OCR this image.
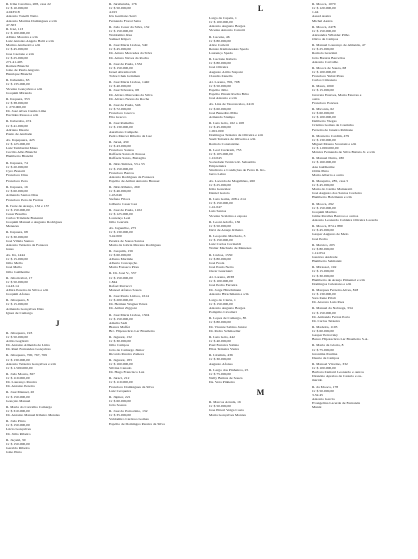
R. Irma Carolina, 208, casa 22
Cr $ 10.000,00
4.043518
Antonio Tonelli Netto
Antonio Martins Domingues e s/m
47.303
R. Iraé, 113
Cr $ 100.000,00
Albino Moreira e s/m
Luiz Antonio Angelo Balti e s/m
Marino Andreotti e s/m
Cr $ 45.000,00
Jose Caetano e s/m
Cr $ 25.000,00
271.41.405
Romeu Bianchi
Gino de Paula Angotto
Henrique Bianchi
R. Itahenma, 63
Cr $ 135.000,00
Vicente Gonçalves e s/m
Joaquim Miranda
R. Itaquera, 353
Cr $ 38.000,00
J. 270.000,00
Dr. José Alves Cunha Lima
Euclides Pessoa e s/m
R. Itaberaba, 474
Cr $ 41.000,00
Adriano Duarte
Paulo de Andrade
Av. Itapapuera, 423
Cr $ 125.000,00
Luiz Tamburini Maus
Cecilio Alão Bianchi
Humberto Bianchi
R. Itapuera, 74
Cr $ 20.000,00
Cyro Bonatti
Francisco Dias
Francisco Pera
R. Itapuera, 16
Cr $ 60.000,00
Armando Santos Dias
Francisco Pera de Freitas
R. Ivete de Araujo, 132 e 137
Cr $ 150.000,00
Cesar Botelho
Carlos Trindade Bonanni
Joaquim Manuel e Augusto Rodrigues
Menezes
R. Itapuera, 68
Cr $ 30.000,00
José Villela Santos
Antonio Teixeira da Fonseca
Jesus
Av. Itá, 1444
Cr $ 15.000,00
Júlio Mello
José Mello
Júlio Guilherme
R. Jaboticabal, 17
Cr $ 50.000,00
14.43.14
Albira Pereira da Silva e s/m
Joaquim Afonso
R. Jabaquara, 8
Cr $ 15.000,00
Armando Gonçalves Dias
Ignez de Camargo
J
R. Jabaquara, 193
Cr $ 50.000,00
Atílio Gagliotti
Dr. Antonio Almeida de Lima
Dr. Raul Fernandes Gonçalves
R. Jabaquara, 700, 767, 769
Cr $ 130.000,00
Antonio Teixeira Gonçalves e s/m
Cr $ 1.500.000,00
R. João Moura, 367
Cr $ 110.000,00
Dr. Lourenço Pereira
Dr. Antonio Pereira
R. José Manuel, 20
Cr $ 150.000,00
Gonçalo Manuel
R. Maria do Carvalho Camargo
Cr $ 310.000,00
Dr. Antonio Manuel Ribeiro Mendes
R. João Pinto
Cr $ 150.000,00
Lúcio Gonçalves
Dr. Júlio Ribeiro
R. Jaçanã, 30
Cr $ 150.000,00
Geraldo Ribeiro
Gino Pinto
R. Jurubatuba, 176
Cr $ 50.000,00
4.015
Iris Germano Serri
Fernando Frarol Saita
R. João Cesar da Silva, 132
Cr $ 150.000,00
Waldomiro Rua
Samuel Klipov
R. José Maria Lisboa, 540
Cr $ 45.000,00
Dr. Arturo Mercedes da Silva
Dr. Arturo Neves da Rocha
R. José de Paula, 1332
Cr $ 150.000,00
Israel Abramovich
Tobre Chak Grinman
R. José Maria Lisboa, 1440
Cr $ 40.000,00
R. José Silvestre, 68
Dr. Alvaro Mercedes da Silva
Dr. Alvaro Neves da Rocha
R. José de Paula, 546
Cr $ 72.000,00
Francisco Grecco
Elia Grecco
R. José Ramalho
Cr $ 130.000,00
Aureliano Campeão
Pedro Mercer Ribeiro da Luz
R. Juruá, 430
Cr $ 43.000,00
Francisco Santos
Raffaele Santo di Pessoa
Raffaele Santo, Battaglia
R. Júlio Simões, 53 e 55
Cr $ 150.000,00
Francisco Barros
Antonio Rodrigues da Fonseca
Espólio de Arthur Antonio Bresser
R. Júlio Ribeiro, 260
Cr $ 46.000,00
1.45.046
Stefano Filoca
Gilberto Cesar Luz
R. José de Paula, 1102
Cr $ 125.000,00
Lourenço Leal
Júlio Gouvêa
Av. Jaguaribe, 275
Cr $ 130.000,00
3.42.000
Pereira de Sousa Santos
Maria da Glória Morano Rodrigues
R. Joaquim, 156
Cr $ 60.000,00
Albano Marinho
Alberto Concepção
Maria Fonseca Pires
R. Dr. José V., 537
Cr $ 150.000,00
1.844
Rafael Perrucci
Manoel Afonso Souza
R. José Paulo Lisboa, 1614
Cr $ 200.000,00
Dr. Herman Wagner Pérez
Dr. Arthur Ziggoni
R. José Maria Lisboa, 1504
Cr $ 150.000,00
Amalia Sadi
Bianca Maffei
Brc. Hipotecário Lar Brasileiro
R. Jaguaré, 132
Cr $ 30.000,00
Júlio Campos
João de Camargo Júnior
Ricardo Pereira Zamora
R. Jaguaré, 183
Cr $ 160.000,00
Silvina Canado
Dr. Hugo Francisco Luz
R. Juraci, 212
Cr $ 110.000,00
Francisco Domingues da Silva
Luiz Cerqueira
R. Júpiter, 221
Cr $ 60.000,00
João Soares
R. José do Patrocínio, 132
Cr $ 35.000,00
Valdomiro Cardoso Gomes
Espólio de Domingos Pereira da Silva
L
Largo da Capela, 1
Cr $ 100.000,00
Antonio Augusto Borges
Vicente Antonio Carretti
R. Lucena, 46
Cr $ 80.000,00
Alice Carletti
Renato Ramanoskas Spedo
Laurenço Spedo
R. Luciano Rabelo
Cr $ 80.000,00
José Oliveira
Augusto Atilio Stapani
Claudio Zanella
Al. Lorena, 706, 708
Cr $ 50.000,00
Espólio Júlio
Espólio Pinant Rocha Brito
José Antonio e s/m
Av. Lins de Vasconcelos, 2419
Cr $ 60.000,00
José Benedito Pilho
Armando Stumpo
R. Luís Góis, 162 a 168
Cr $ 45.000,00
1.001.000
Domingos Teixeira de Oliveira e s/m
Sueli Teixeira de Oliveira e s/m
Romolo Constantino
R. Leal Cuckram, 753
Cr $ 105.000,00
1.10.045
Sociedade Técnica R. Sebastião
Empreiteira
Sindicato e Condições de Ferro R. Ro-
berto Lebre
Av. Lacerda de Magalhães, 260
Cr $ 25.000,00
Irma Gonzalez
Daniel Gaiolo
R. Luís Gama, 208 e 214
Cr $ 150.000,00
1.41.047
Luís Santos
Vicente Scalzino e esposa
R. Leoni Adolfo, 136
Cr $ 50.000,00
Davi de Araujo Ribeiro
R. Leopoldo Machado, 3
Cr $ 150.000,00
Luiz Carlos Corinaldi
Walter Machado de Menezes
R. Lisboa, 1530
Cr $ 80.000,00
José Feola
José Paulo Netto
Oscar Guarnieri
Al. Lorena, 2038
Cr $ 100.000,00
José Pedro Ferreira
Dr. Jorge Hirschmann
Antonio Hirschmann e s/m
Largo do Cleria, 1
Cr $ 150.000,00
Antonio Augusto Borges
Pompilio Cavalieri
R. Lopes de Camargo, 85
Cr $ 80.000,00
Dr. Vicente Sabino Junior
Dr. Pedro Schmoeller
R. Luís Góis, 442
Cr $ 40.000,00
Paul Ferreira Sabino
Elias Teixeira Vieira
R. Lituânia, 436
Cr $ 30.000,00
Augusto Afonso
R. Largo dos Pinheiros, 25
Cr $ 75.000,00
Nelly Batista de Souza
Da. Vera Pinheiro
M
R. Marcos Arruda, 16
Cr $ 50.000,00
Jose Pitteri Veiga Costa
Maria Gonçalves Montes
R. Mooca, 1070
Cr $ 120.000,00
1.44
Assad Assira
Michel Assira
R. Mooca, 2478
Cr $ 150.000,00
Alexandre Wilaider Pilho
Olavo de Campos
R. Manuel Lourenço de Almeida, 47
Cr $ 25.000,00
Romolo Grazzini
João Baratta Barcellos
Antonio Carvalho
R. Mooca de Souza, 68
Cr $ 100.000,00
Francisco Yubal Pires
Carlos Cimonato
R. Mauá, 1060
Cr $ 15.000,00
Jaraveta Esteves, Maria Esteves e
outra
Francisco Esteves
R. Miconia, 62
Cr $ 60.000,00
Cr $ 100.000,00
Deliberto Viegas
Cristina Gomes de Coutinho
Ferreira de Janeiro Pelmano
R. Monteiro Cardim, 479
Cr $ 130.000,00
Miguel Mouna Scoutani e s/m
Cr $ 1.000.000,00
Mónica Fernanda de Silva Batista Jr. e s/m
R. Manuel Dutra, 180
Cr $ 160.000,00
Ana Guilherme
Otília Pinto
Maria Alberto e outra
R. Mesquita, 285, casa 5
Cr $ 45.000,00
Maria do Carmo Mainaretti
José Augusto dos Santos Cordeiro
Humberto Holzmann e s/m
R. Mooca, 292
Cr $ 150.000,00
Joaquim Martins
Jaime Peralles Barroso e outros
Antonio Leonardo Caldeira Oliveira Lacerda
R. Mooca, 874 a 880
Cr $ 45.000,00
Gaspar Augusto de Melo
José Pedro
R. Mexico, 205
Cr $ 80.000,00
1.12.054
Gustavo Andrade
Humberto Selmanni
R. Mirassol, 192
Cr $ 15.000,00
Cr $ 30.000,00
Humberto de Araujo Pimentel e s/m
Domingos Celestano e s/m
R. Marques Ferreira Alves, 818
Cr $ 130.000,00
Sara Irene Pilali
Dr. Aracaro Luis Paes
R. Manuel da Nobrega, 334
Cr $ 150.000,00
Dr. Armando Ferraz Porto
Dr. Carlos Teixeira
R. Madeira, 1103
Cr $ 60.000,00
Gaspar Petrovsky
Banco Hipotecário Lar Brasileiro S.A.
R. Maria da Gloria, 8
Cr $ 75.000,00
Jeronima Paulina
Duarte de Campos
R. Manoel Vitorino, 332
Cr $ 100.000,00
Barbara Zamarri Leonardo e outros
Dionésio Aprelao de Castelo e ou-
marido
R. da Mooca, 178
Cr $ 50.000,00
3.32.45
Antonio Garcia
Evangelina Lacerda de Fernanda
Muniz
